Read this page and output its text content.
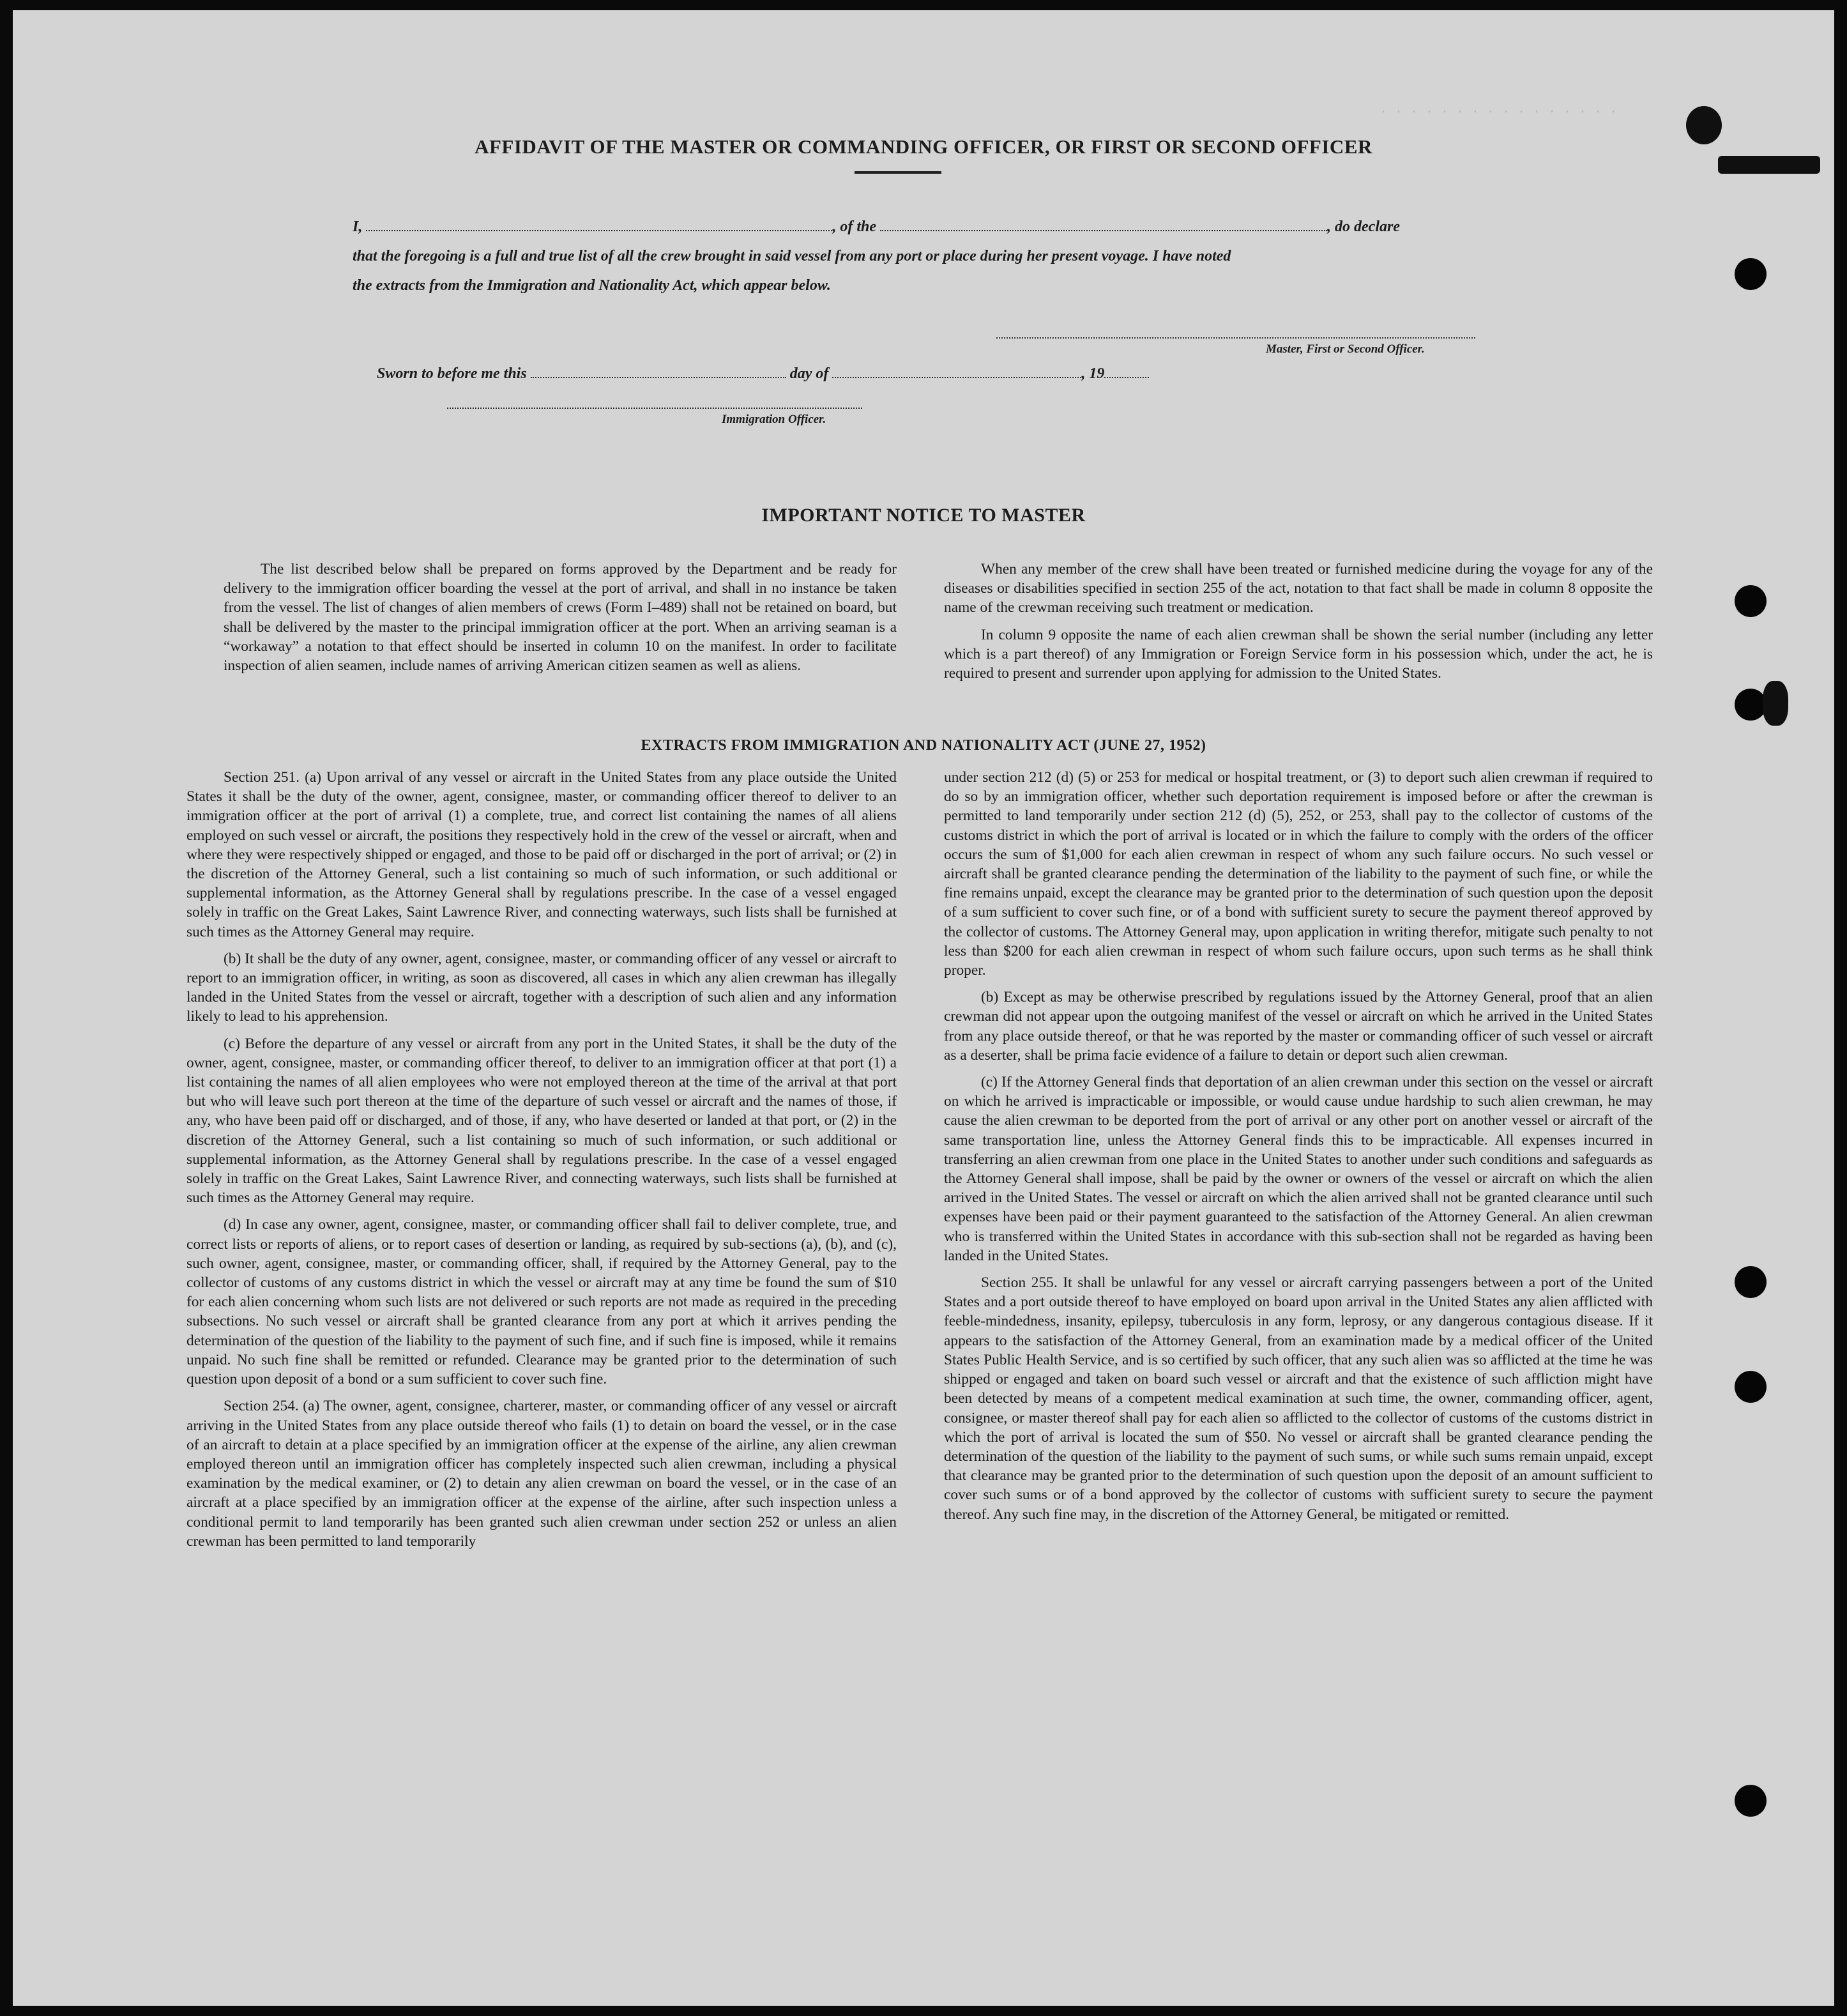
· · · · · · · · · · · · · · · ·
AFFIDAVIT OF THE MASTER OR COMMANDING OFFICER, OR FIRST OR SECOND OFFICER
I,	, of the	, do declare
that the foregoing is a full and true list of all the crew brought in said vessel from any port or place during her present voyage. I have noted
the extracts from the Immigration and Nationality Act, which appear below.
Master, First or Second Officer.
Sworn to before me this	day of	, 19
Immigration Officer.
IMPORTANT NOTICE TO MASTER

The list described below shall be prepared on forms approved by the Department and be ready for delivery to the immigration officer boarding the vessel at the port of arrival, and shall in no instance be taken from the vessel. The list of changes of alien members of crews (Form I–489) shall not be retained on board, but shall be delivered by the master to the principal immigration officer at the port. When an arriving seaman is a “workaway” a notation to that effect should be inserted in column 10 on the manifest. In order to facilitate inspection of alien seamen, include names of arriving American citizen seamen as well as aliens.

When any member of the crew shall have been treated or furnished medicine during the voyage for any of the diseases or disabilities specified in section 255 of the act, notation to that fact shall be made in column 8 opposite the name of the crewman receiving such treatment or medication.

In column 9 opposite the name of each alien crewman shall be shown the serial number (including any letter which is a part thereof) of any Immigration or Foreign Service form in his possession which, under the act, he is required to present and surrender upon applying for admission to the United States.

EXTRACTS FROM IMMIGRATION AND NATIONALITY ACT (JUNE 27, 1952)

Section 251. (a) Upon arrival of any vessel or aircraft in the United States from any place outside the United States it shall be the duty of the owner, agent, consignee, master, or commanding officer thereof to deliver to an immigration officer at the port of arrival (1) a complete, true, and correct list containing the names of all aliens employed on such vessel or aircraft, the positions they respectively hold in the crew of the vessel or aircraft, when and where they were respectively shipped or engaged, and those to be paid off or discharged in the port of arrival; or (2) in the discretion of the Attorney General, such a list containing so much of such information, or such additional or supplemental information, as the Attorney General shall by regulations prescribe. In the case of a vessel engaged solely in traffic on the Great Lakes, Saint Lawrence River, and connecting waterways, such lists shall be furnished at such times as the Attorney General may require.

(b) It shall be the duty of any owner, agent, consignee, master, or commanding officer of any vessel or aircraft to report to an immigration officer, in writing, as soon as discovered, all cases in which any alien crewman has illegally landed in the United States from the vessel or aircraft, together with a description of such alien and any information likely to lead to his apprehension.

(c) Before the departure of any vessel or aircraft from any port in the United States, it shall be the duty of the owner, agent, consignee, master, or commanding officer thereof, to deliver to an immigration officer at that port (1) a list containing the names of all alien employees who were not employed thereon at the time of the arrival at that port but who will leave such port thereon at the time of the departure of such vessel or aircraft and the names of those, if any, who have been paid off or discharged, and of those, if any, who have deserted or landed at that port, or (2) in the discretion of the Attorney General, such a list containing so much of such information, or such additional or supplemental information, as the Attorney General shall by regulations prescribe. In the case of a vessel engaged solely in traffic on the Great Lakes, Saint Lawrence River, and connecting waterways, such lists shall be furnished at such times as the Attorney General may require.

(d) In case any owner, agent, consignee, master, or commanding officer shall fail to deliver complete, true, and correct lists or reports of aliens, or to report cases of desertion or landing, as required by sub-sections (a), (b), and (c), such owner, agent, consignee, master, or commanding officer, shall, if required by the Attorney General, pay to the collector of customs of any customs district in which the vessel or aircraft may at any time be found the sum of $10 for each alien concerning whom such lists are not delivered or such reports are not made as required in the preceding subsections. No such vessel or aircraft shall be granted clearance from any port at which it arrives pending the determination of the question of the liability to the payment of such fine, and if such fine is imposed, while it remains unpaid. No such fine shall be remitted or refunded. Clearance may be granted prior to the determination of such question upon deposit of a bond or a sum sufficient to cover such fine.

Section 254. (a) The owner, agent, consignee, charterer, master, or commanding officer of any vessel or aircraft arriving in the United States from any place outside thereof who fails (1) to detain on board the vessel, or in the case of an aircraft to detain at a place specified by an immigration officer at the expense of the airline, any alien crewman employed thereon until an immigration officer has completely inspected such alien crewman, including a physical examination by the medical examiner, or (2) to detain any alien crewman on board the vessel, or in the case of an aircraft at a place specified by an immigration officer at the expense of the airline, after such inspection unless a conditional permit to land temporarily has been granted such alien crewman under section 252 or unless an alien crewman has been permitted to land temporarily

under section 212 (d) (5) or 253 for medical or hospital treatment, or (3) to deport such alien crewman if required to do so by an immigration officer, whether such deportation requirement is imposed before or after the crewman is permitted to land temporarily under section 212 (d) (5), 252, or 253, shall pay to the collector of customs of the customs district in which the port of arrival is located or in which the failure to comply with the orders of the officer occurs the sum of $1,000 for each alien crewman in respect of whom any such failure occurs. No such vessel or aircraft shall be granted clearance pending the determination of the liability to the payment of such fine, or while the fine remains unpaid, except the clearance may be granted prior to the determination of such question upon the deposit of a sum sufficient to cover such fine, or of a bond with sufficient surety to secure the payment thereof approved by the collector of customs. The Attorney General may, upon application in writing therefor, mitigate such penalty to not less than $200 for each alien crewman in respect of whom such failure occurs, upon such terms as he shall think proper.

(b) Except as may be otherwise prescribed by regulations issued by the Attorney General, proof that an alien crewman did not appear upon the outgoing manifest of the vessel or aircraft on which he arrived in the United States from any place outside thereof, or that he was reported by the master or commanding officer of such vessel or aircraft as a deserter, shall be prima facie evidence of a failure to detain or deport such alien crewman.

(c) If the Attorney General finds that deportation of an alien crewman under this section on the vessel or aircraft on which he arrived is impracticable or impossible, or would cause undue hardship to such alien crewman, he may cause the alien crewman to be deported from the port of arrival or any other port on another vessel or aircraft of the same transportation line, unless the Attorney General finds this to be impracticable. All expenses incurred in transferring an alien crewman from one place in the United States to another under such conditions and safeguards as the Attorney General shall impose, shall be paid by the owner or owners of the vessel or aircraft on which the alien arrived in the United States. The vessel or aircraft on which the alien arrived shall not be granted clearance until such expenses have been paid or their payment guaranteed to the satisfaction of the Attorney General. An alien crewman who is transferred within the United States in accordance with this sub-section shall not be regarded as having been landed in the United States.

Section 255. It shall be unlawful for any vessel or aircraft carrying passengers between a port of the United States and a port outside thereof to have employed on board upon arrival in the United States any alien afflicted with feeble-mindedness, insanity, epilepsy, tuberculosis in any form, leprosy, or any dangerous contagious disease. If it appears to the satisfaction of the Attorney General, from an examination made by a medical officer of the United States Public Health Service, and is so certified by such officer, that any such alien was so afflicted at the time he was shipped or engaged and taken on board such vessel or aircraft and that the existence of such affliction might have been detected by means of a competent medical examination at such time, the owner, commanding officer, agent, consignee, or master thereof shall pay for each alien so afflicted to the collector of customs of the customs district in which the port of arrival is located the sum of $50. No vessel or aircraft shall be granted clearance pending the determination of the question of the liability to the payment of such sums, or while such sums remain unpaid, except that clearance may be granted prior to the determination of such question upon the deposit of an amount sufficient to cover such sums or of a bond approved by the collector of customs with sufficient surety to secure the payment thereof. Any such fine may, in the discretion of the Attorney General, be mitigated or remitted.
